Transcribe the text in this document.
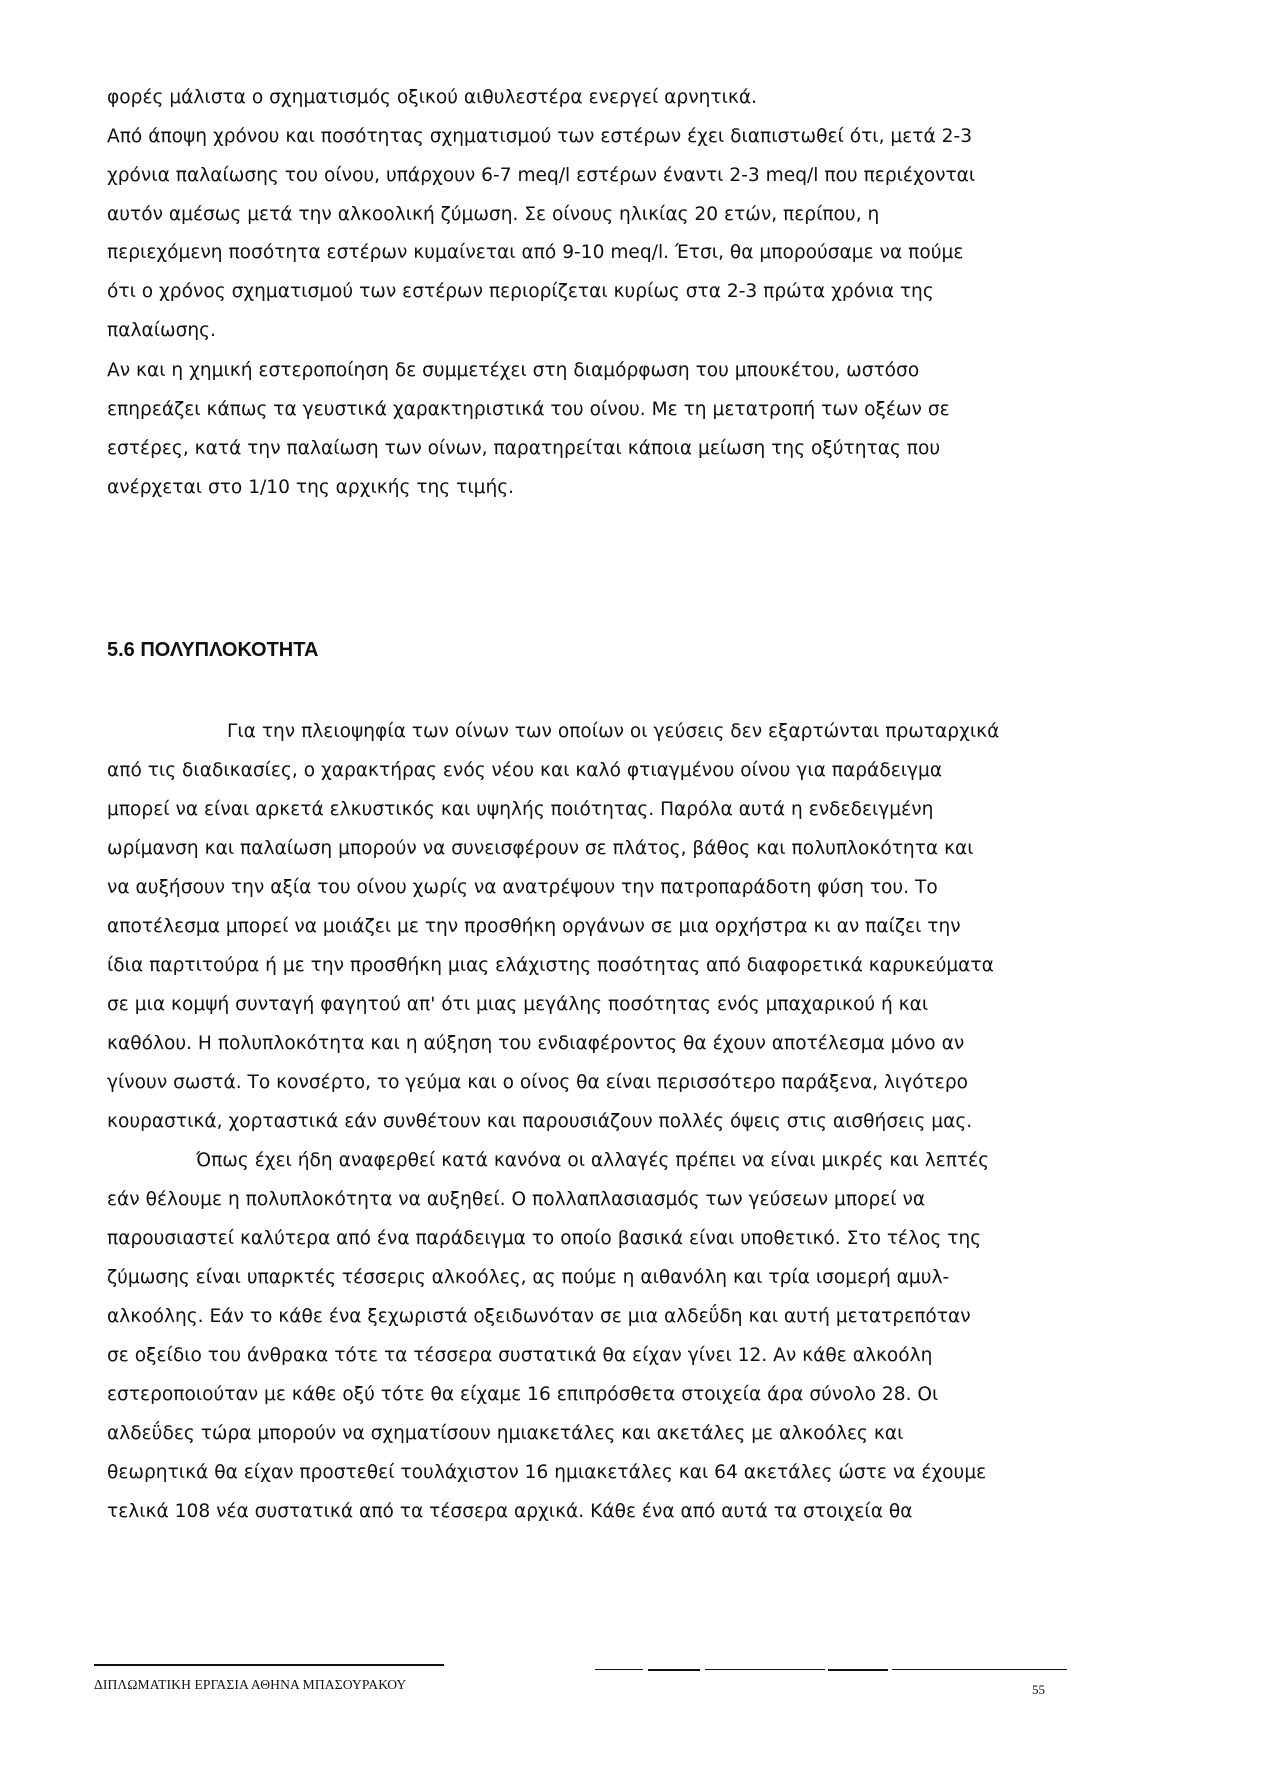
φορές μάλιστα ο σχηματισμός οξικού αιθυλεστέρα ενεργεί αρνητικά.

Από άποψη χρόνου και ποσότητας σχηματισμού των εστέρων έχει διαπιστωθεί ότι, μετά 2-3

χρόνια παλαίωσης του οίνου, υπάρχουν 6-7 meq/l εστέρων έναντι 2-3 meq/l που περιέχονται

αυτόν αμέσως μετά την αλκοολική ζύμωση. Σε οίνους ηλικίας 20 ετών, περίπου, η

περιεχόμενη ποσότητα εστέρων κυμαίνεται από 9-10 meq/l. Έτσι, θα μπορούσαμε να πούμε

ότι ο χρόνος σχηματισμού των εστέρων περιορίζεται κυρίως στα 2-3 πρώτα χρόνια της

παλαίωσης.

Αν και η χημική εστεροποίηση δε συμμετέχει στη διαμόρφωση του μπουκέτου, ωστόσο

επηρεάζει κάπως τα γευστικά χαρακτηριστικά του οίνου. Με τη μετατροπή των οξέων σε

εστέρες, κατά την παλαίωση των οίνων, παρατηρείται κάποια μείωση της οξύτητας που

ανέρχεται στο 1/10 της αρχικής της τιμής.

5.6 ΠΟΛΥΠΛΟΚΟΤΗΤΑ

Για την πλειοψηφία των οίνων των οποίων οι γεύσεις δεν εξαρτώνται πρωταρχικά

από τις διαδικασίες, ο χαρακτήρας ενός νέου και καλό φτιαγμένου οίνου για παράδειγμα

μπορεί να είναι αρκετά ελκυστικός και υψηλής ποιότητας. Παρόλα αυτά η ενδεδειγμένη

ωρίμανση και παλαίωση μπορούν να συνεισφέρουν σε πλάτος, βάθος και πολυπλοκότητα και

να αυξήσουν την αξία του οίνου χωρίς να ανατρέψουν την πατροπαράδοτη φύση του. Το

αποτέλεσμα μπορεί να μοιάζει με την προσθήκη οργάνων σε μια ορχήστρα κι αν παίζει την

ίδια παρτιτούρα ή με την προσθήκη μιας ελάχιστης ποσότητας από διαφορετικά καρυκεύματα

σε μια κομψή συνταγή φαγητού απ' ότι μιας μεγάλης ποσότητας ενός μπαχαρικού ή και

καθόλου. Η πολυπλοκότητα και η αύξηση του ενδιαφέροντος θα έχουν αποτέλεσμα μόνο αν

γίνουν σωστά. Το κονσέρτο, το γεύμα και ο οίνος θα είναι περισσότερο παράξενα, λιγότερο

κουραστικά, χορταστικά εάν συνθέτουν και παρουσιάζουν πολλές όψεις στις αισθήσεις μας.

Όπως έχει ήδη αναφερθεί κατά κανόνα οι αλλαγές πρέπει να είναι μικρές και λεπτές

εάν θέλουμε η πολυπλοκότητα να αυξηθεί. Ο πολλαπλασιασμός των γεύσεων μπορεί να

παρουσιαστεί καλύτερα από ένα παράδειγμα το οποίο βασικά είναι υποθετικό. Στο τέλος της

ζύμωσης είναι υπαρκτές τέσσερις αλκοόλες, ας πούμε η αιθανόλη και τρία ισομερή αμυλ-

αλκοόλης. Εάν το κάθε ένα ξεχωριστά οξειδωνόταν σε μια αλδεΰδη και αυτή μετατρεπόταν

σε οξείδιο του άνθρακα τότε τα τέσσερα συστατικά θα είχαν γίνει 12. Αν κάθε αλκοόλη

εστεροποιούταν με κάθε οξύ τότε θα είχαμε 16 επιπρόσθετα στοιχεία άρα σύνολο 28. Οι

αλδεΰδες τώρα μπορούν να σχηματίσουν ημιακετάλες και ακετάλες με αλκοόλες και

θεωρητικά θα είχαν προστεθεί τουλάχιστον 16 ημιακετάλες και 64 ακετάλες ώστε να έχουμε

τελικά 108 νέα συστατικά από τα τέσσερα αρχικά. Κάθε ένα από αυτά τα στοιχεία θα

ΔΙΠΛΩΜΑΤΙΚΗ ΕΡΓΑΣΙΑ ΑΘΗΝΑ ΜΠΑΣΟΥΡΑΚΟΥ	55
